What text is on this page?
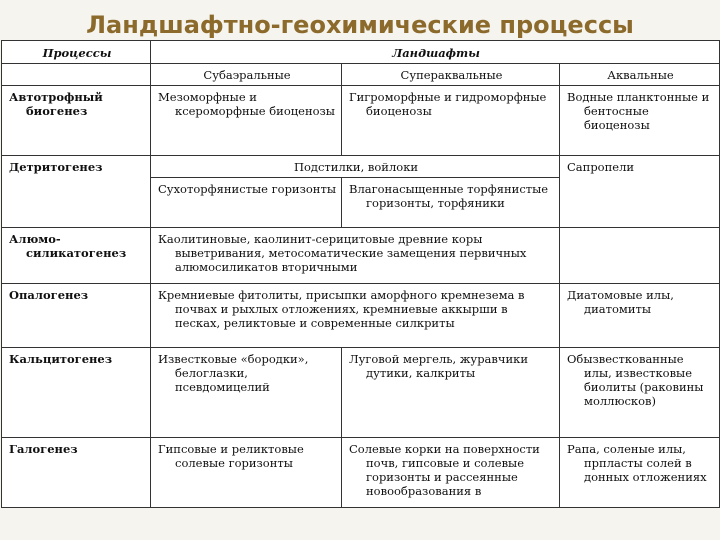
Ландшафтно-геохимические процессы
Процессы	Ландшафты		
	Субаэральные	Супераквальные	Аквальные
Автотрофный биогенез	Мезоморфные и ксероморфные биоценозы	Гигроморфные и гидроморфные биоценозы	Водные планктонные и бентосные биоценозы
Детритогенез	Подстилки, войлоки		Сапропели
	Сухоторфянистые горизонты	Влагонасыщенные торфянистые горизонты, торфяники	
Алюмо-силикатогенез	Каолитиновые, каолинит-серицитовые древние коры выветривания, метосоматические замещения первичных алюмосиликатов вторичными		
Опалогенез	Кремниевые фитолиты, присыпки аморфного кремнезема в почвах и рыхлых отложениях, кремниевые аккырши в песках, реликтовые и современные силкриты		Диатомовые илы, диатомиты
Кальцитогенез	Известковые «бородки», белоглазки, псевдомицелий	Луговой мергель, журавчики дутики, калкриты	Обызвесткованные илы, известковые биолиты (раковины моллюсков)
Галогенез	Гипсовые и реликтовые солевые горизонты	Солевые корки на поверхности почв, гипсовые и солевые горизонты и рассеянные новообразования в	Рапа, соленые илы, прпласты солей в донных отложениях
